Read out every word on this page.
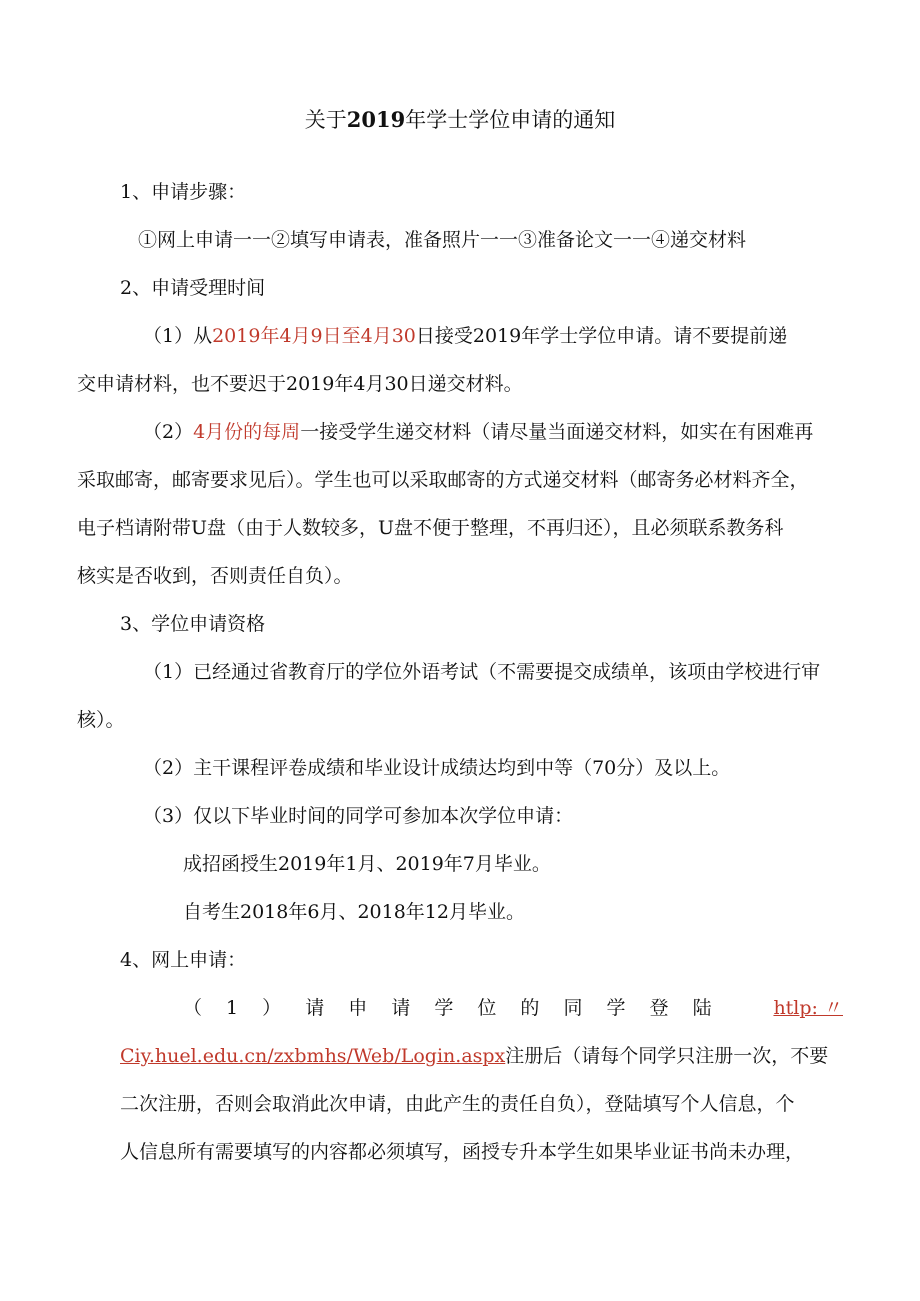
关于2019年学士学位申请的通知
1、申请步骤：
①网上申请一一②填写申请表，准备照片一一③准备论文一一④递交材料
2、申请受理时间
（1）从2019年4月9日至4月30日接受2019年学士学位申请。请不要提前递
交申请材料，也不要迟于2019年4月30日递交材料。
（2）4月份的每周一接受学生递交材料（请尽量当面递交材料，如实在有困难再
采取邮寄，邮寄要求见后）。学生也可以采取邮寄的方式递交材料（邮寄务必材料齐全，
电子档请附带U盘（由于人数较多，U盘不便于整理，不再归还），且必须联系教务科
核实是否收到，否则责任自负）。
3、学位申请资格
（1）已经通过省教育厅的学位外语考试（不需要提交成绩单，该项由学校进行审
核）。
（2）主干课程评卷成绩和毕业设计成绩达均到中等（70分）及以上。
（3）仅以下毕业时间的同学可参加本次学位申请：
成招函授生2019年1月、2019年7月毕业。
自考生2018年6月、2018年12月毕业。
4、网上申请：
（ 1 ） 请 申 请 学 位 的 同 学 登 陆	htlp: 〃
Ciy.huel.edu.cn/zxbmhs/Web/Login.aspx注册后（请每个同学只注册一次，不要
二次注册，否则会取消此次申请，由此产生的责任自负），登陆填写个人信息，个
人信息所有需要填写的内容都必须填写，函授专升本学生如果毕业证书尚未办理，
